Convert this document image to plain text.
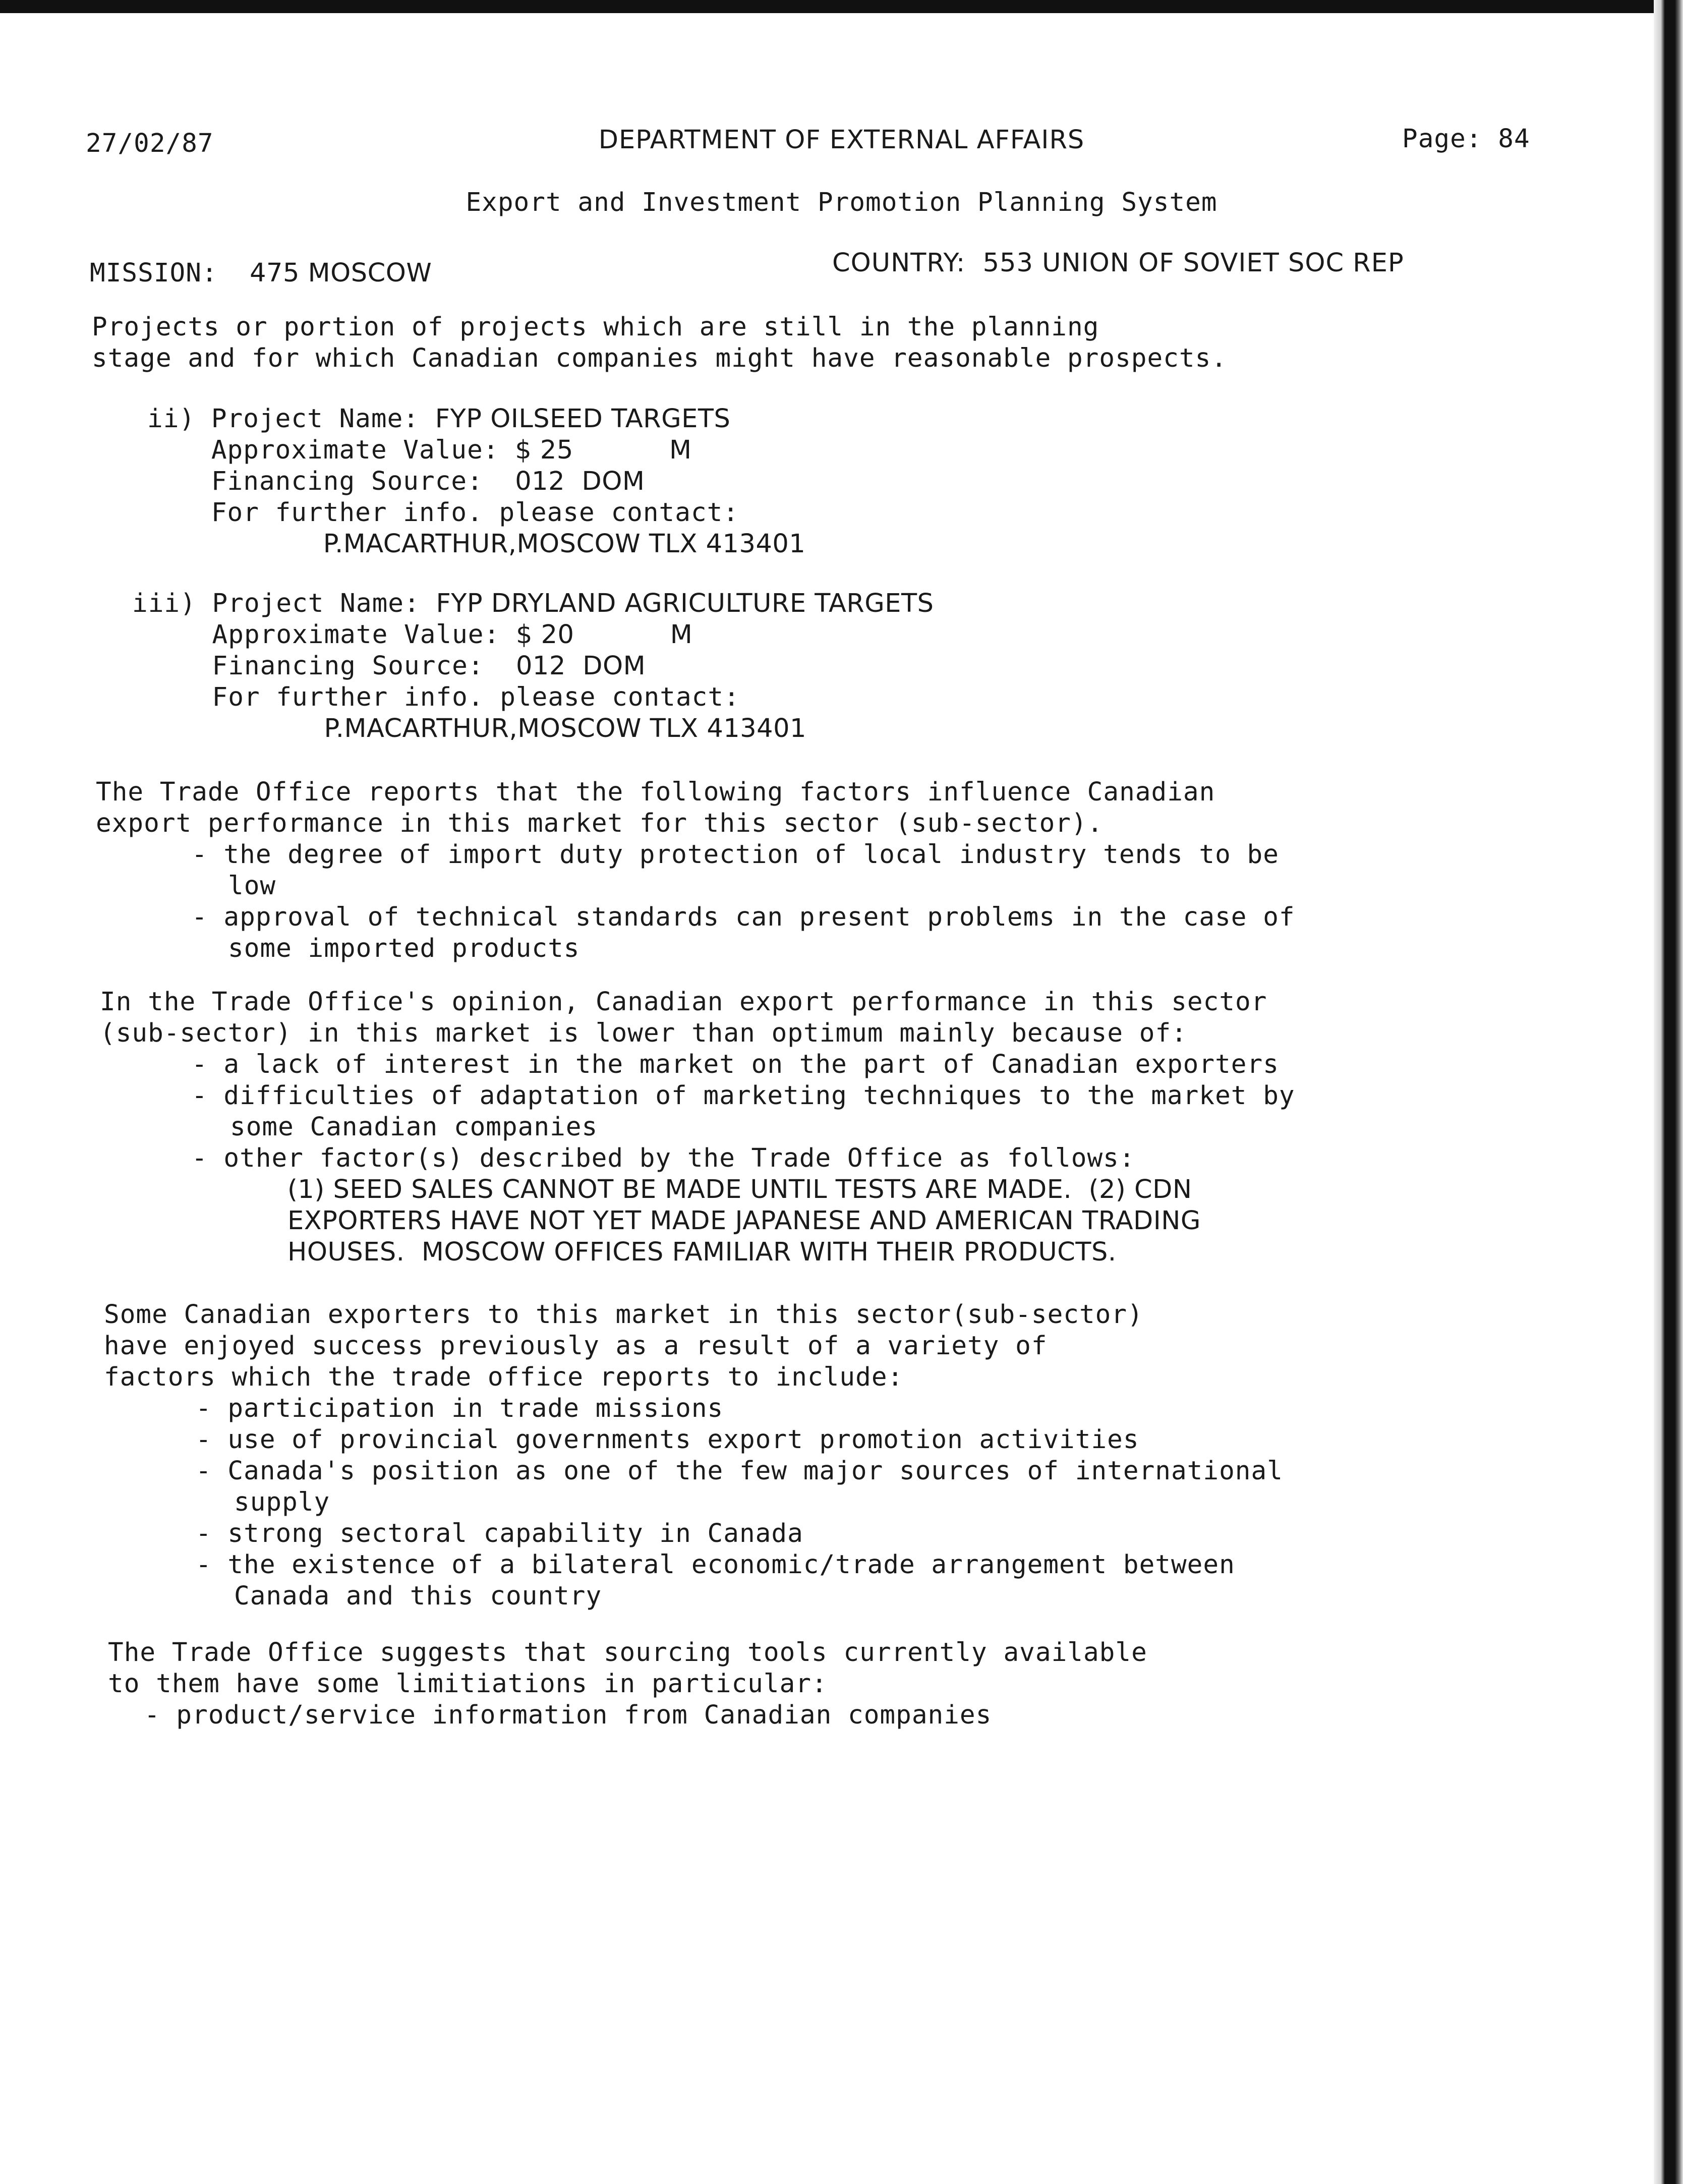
27/02/87	DEPARTMENT OF EXTERNAL AFFAIRS	Page: 84
Export and Investment Promotion Planning System
MISSION: 475 MOSCOW	COUNTRY: 553 UNION OF SOVIET SOC REP
Projects or portion of projects which are still in the planning
stage and for which Canadian companies might have reasonable prospects.
ii) Project Name: FYP OILSEED TARGETS
Approximate Value: $ 25	M
Financing Source: 012  DOM
For further info. please contact:
P.MACARTHUR,MOSCOW TLX 413401
iii) Project Name: FYP DRYLAND AGRICULTURE TARGETS
Approximate Value: $ 20	M
Financing Source: 012  DOM
For further info. please contact:
P.MACARTHUR,MOSCOW TLX 413401
The Trade Office reports that the following factors influence Canadian
export performance in this market for this sector (sub-sector).
- the degree of import duty protection of local industry tends to be
low
- approval of technical standards can present problems in the case of
some imported products
In the Trade Office's opinion, Canadian export performance in this sector
(sub-sector) in this market is lower than optimum mainly because of:
- a lack of interest in the market on the part of Canadian exporters
- difficulties of adaptation of marketing techniques to the market by
some Canadian companies
- other factor(s) described by the Trade Office as follows:
(1) SEED SALES CANNOT BE MADE UNTIL TESTS ARE MADE.  (2) CDN
EXPORTERS HAVE NOT YET MADE JAPANESE AND AMERICAN TRADING
HOUSES.  MOSCOW OFFICES FAMILIAR WITH THEIR PRODUCTS.
Some Canadian exporters to this market in this sector(sub-sector)
have enjoyed success previously as a result of a variety of
factors which the trade office reports to include:
- participation in trade missions
- use of provincial governments export promotion activities
- Canada's position as one of the few major sources of international
supply
- strong sectoral capability in Canada
- the existence of a bilateral economic/trade arrangement between
Canada and this country
The Trade Office suggests that sourcing tools currently available
to them have some limitiations in particular:
- product/service information from Canadian companies
